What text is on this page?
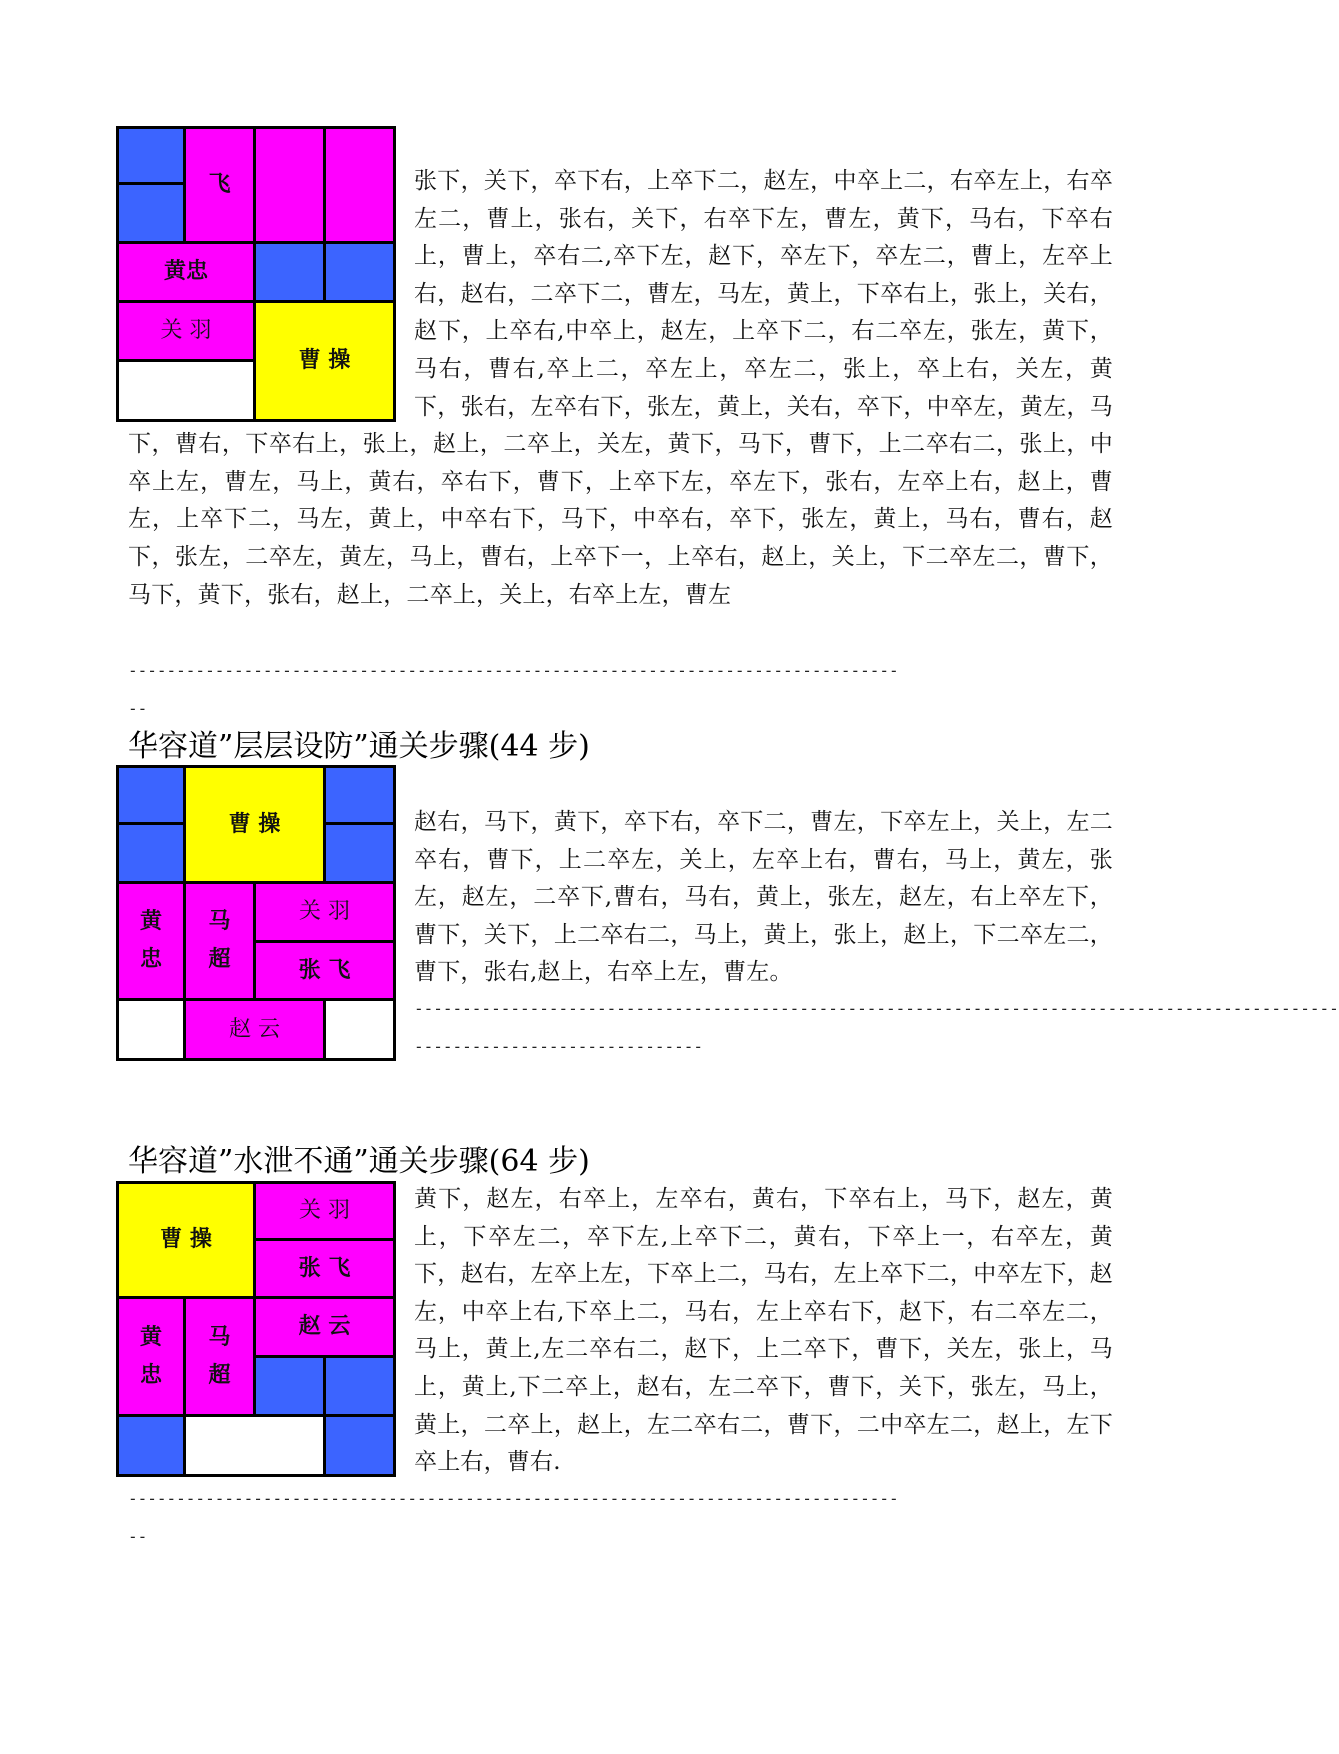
飞
黄忠
关 羽
曹 操

张下，关下，卒下右，上卒下二，赵左，中卒上二，右卒左上，右卒左二，曹上，张右，关下，右卒下左，曹左，黄下，马右，下卒右上，曹上，卒右二,卒下左，赵下，卒左下，卒左二，曹上，左卒上右，赵右，二卒下二，曹左，马左，黄上，下卒右上，张上，关右，赵下，上卒右,中卒上，赵左，上卒下二，右二卒左，张左，黄下，马右，曹右,卒上二，卒左上，卒左二，张上，卒上右，关左，黄下，张右，左卒右下，张左，黄上，关右，卒下，中卒左，黄左，马下，曹右，下卒右上，张上，赵上，二卒上，关左，黄下，马下，曹下，上二卒右二，张上，中卒上左，曹左，马上，黄右，卒右下，曹下，上卒下左，卒左下，张右，左卒上右，赵上，曹左，上卒下二，马左，黄上，中卒右下，马下，中卒右，卒下，张左，黄上，马右，曹右，赵下，张左，二卒左，黄左，马上，曹右，上卒下一，上卒右，赵上，关上，下二卒左二，曹下，马下，黄下，张右，赵上，二卒上，关上，右卒上左，曹左

--------------------------------------------------------------------------------

--

华容道”层层设防”通关步骤(44 步)
曹 操
黄
忠
马
超
关 羽
张 飞
赵 云

赵右，马下，黄下，卒下右，卒下二，曹左，下卒左上，关上，左二卒右，曹下，上二卒左，关上，左卒上右，曹右，马上，黄左，张左，赵左，二卒下,曹右，马右，黄上，张左，赵左，右上卒左下，曹下，关下，上二卒右二，马上，黄上，张上，赵上，下二卒左二，曹下，张右,赵上，右卒上左，曹左。

------------------------------------------------------------------------------------------------

------------------------------

华容道”水泄不通”通关步骤(64 步)
曹 操
关 羽
张 飞
黄
忠
马
超
赵 云

黄下，赵左，右卒上，左卒右，黄右，下卒右上，马下，赵左，黄上，下卒左二，卒下左,上卒下二，黄右，下卒上一，右卒左，黄下，赵右，左卒上左，下卒上二，马右，左上卒下二，中卒左下，赵左，中卒上右,下卒上二，马右，左上卒右下，赵下，右二卒左二，马上，黄上,左二卒右二，赵下，上二卒下，曹下，关左，张上，马上，黄上,下二卒上，赵右，左二卒下，曹下，关下，张左，马上，黄上，二卒上，赵上，左二卒右二，曹下，二中卒左二，赵上，左下卒上右，曹右.

--------------------------------------------------------------------------------

--
